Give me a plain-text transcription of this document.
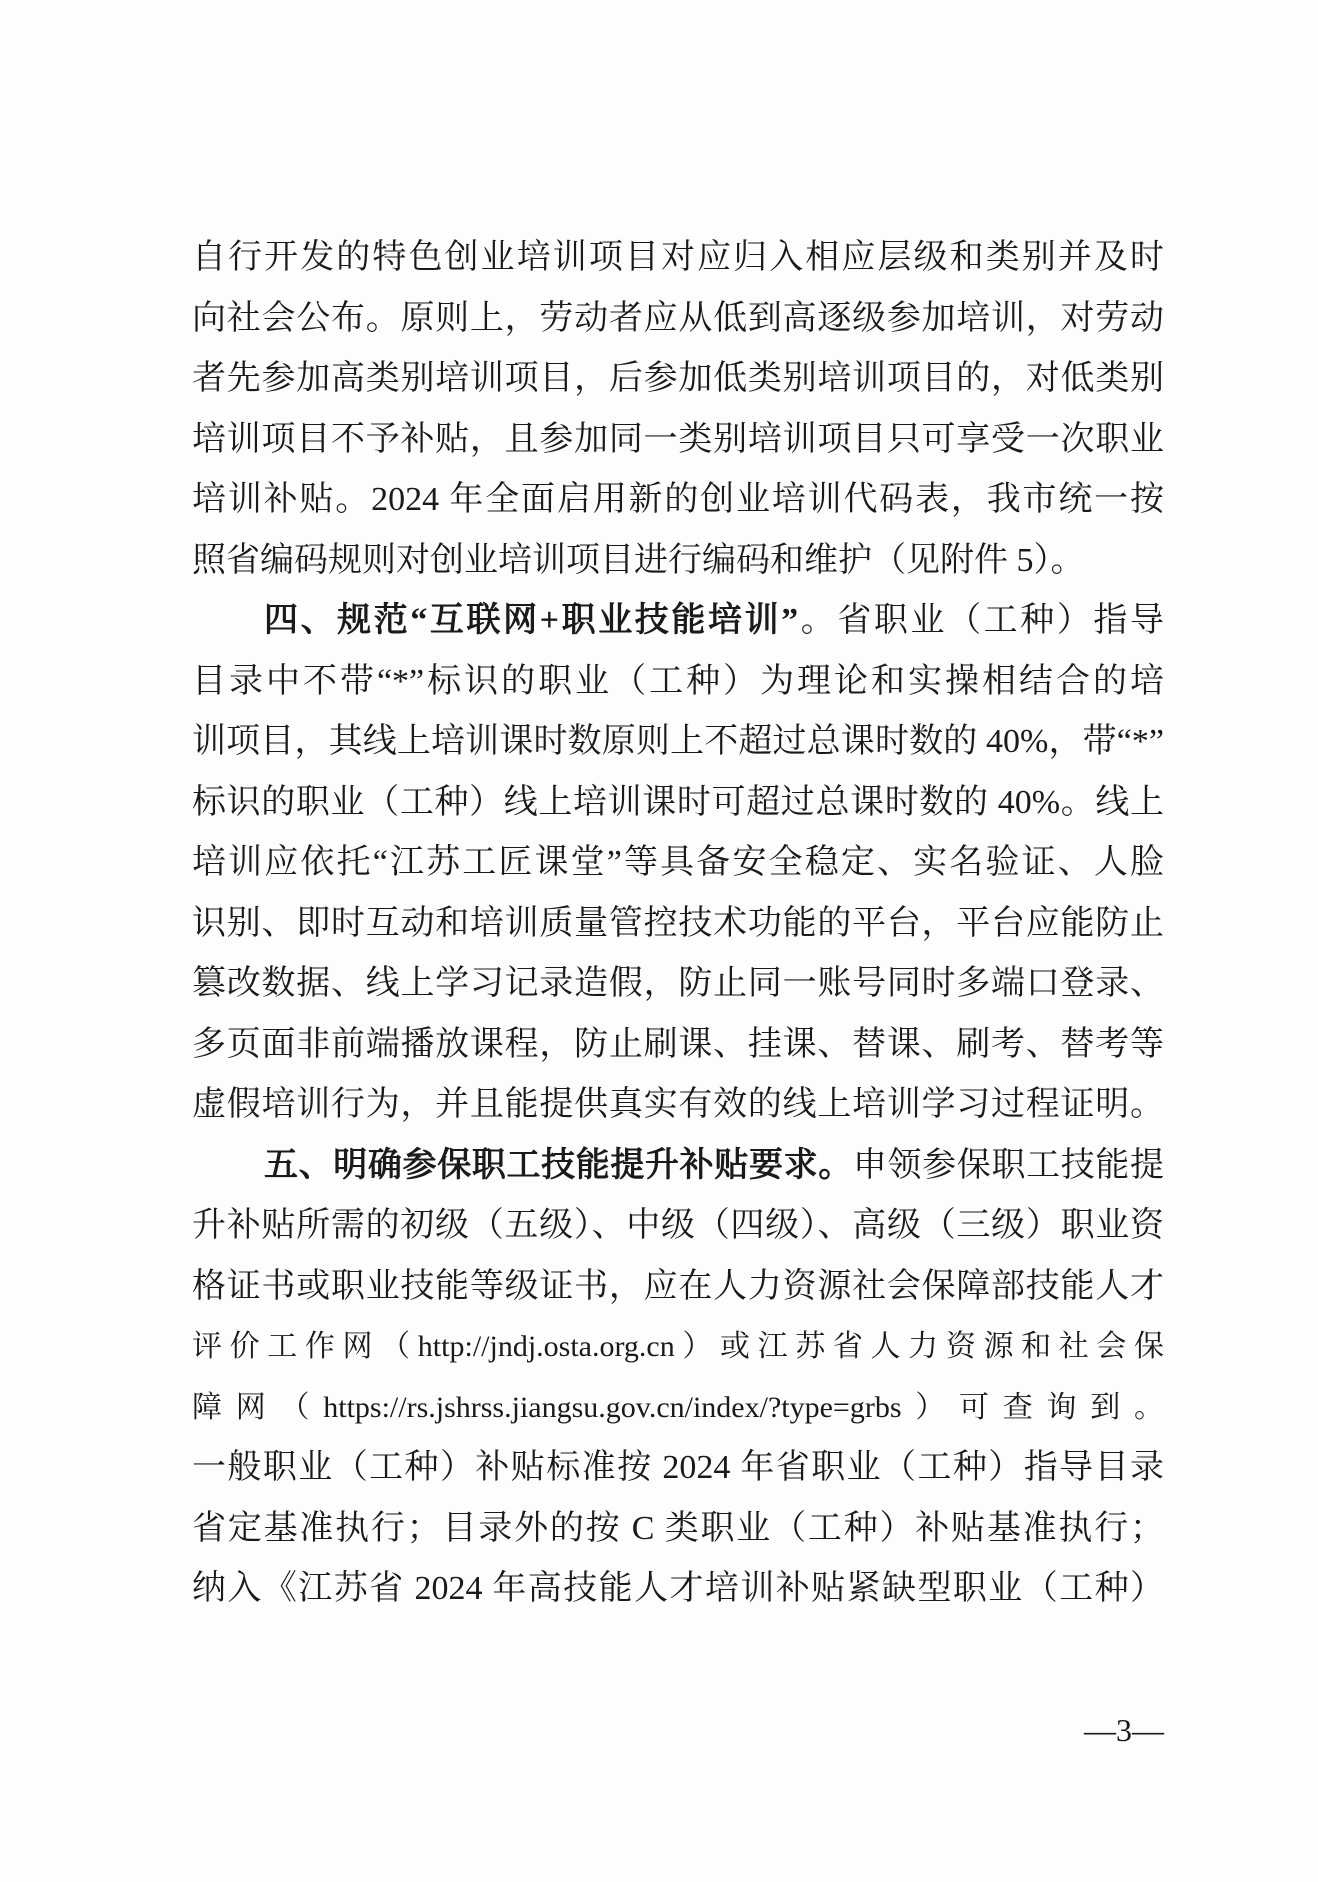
自行开发的特色创业培训项目对应归入相应层级和类别并及时
向社会公布。原则上，劳动者应从低到高逐级参加培训，对劳动
者先参加高类别培训项目，后参加低类别培训项目的，对低类别
培训项目不予补贴，且参加同一类别培训项目只可享受一次职业
培训补贴。2024 年全面启用新的创业培训代码表，我市统一按
照省编码规则对创业培训项目进行编码和维护（见附件 5）。
四、规范“互联网+职业技能培训”。省职业（工种）指导
目录中不带“*”标识的职业（工种）为理论和实操相结合的培
训项目，其线上培训课时数原则上不超过总课时数的 40%，带“*”
标识的职业（工种）线上培训课时可超过总课时数的 40%。线上
培训应依托“江苏工匠课堂”等具备安全稳定、实名验证、人脸
识别、即时互动和培训质量管控技术功能的平台，平台应能防止
篡改数据、线上学习记录造假，防止同一账号同时多端口登录、
多页面非前端播放课程，防止刷课、挂课、替课、刷考、替考等
虚假培训行为，并且能提供真实有效的线上培训学习过程证明。
五、明确参保职工技能提升补贴要求。申领参保职工技能提
升补贴所需的初级（五级）、中级（四级）、高级（三级）职业资
格证书或职业技能等级证书，应在人力资源社会保障部技能人才
评价工作网（http://jndj.osta.org.cn）或江苏省人力资源和社会保
障网（https://rs.jshrss.jiangsu.gov.cn/index/?type=grbs）可查询到。
一般职业（工种）补贴标准按 2024 年省职业（工种）指导目录
省定基准执行；目录外的按 C 类职业（工种）补贴基准执行；
纳入《江苏省 2024 年高技能人才培训补贴紧缺型职业（工种）
—3—
